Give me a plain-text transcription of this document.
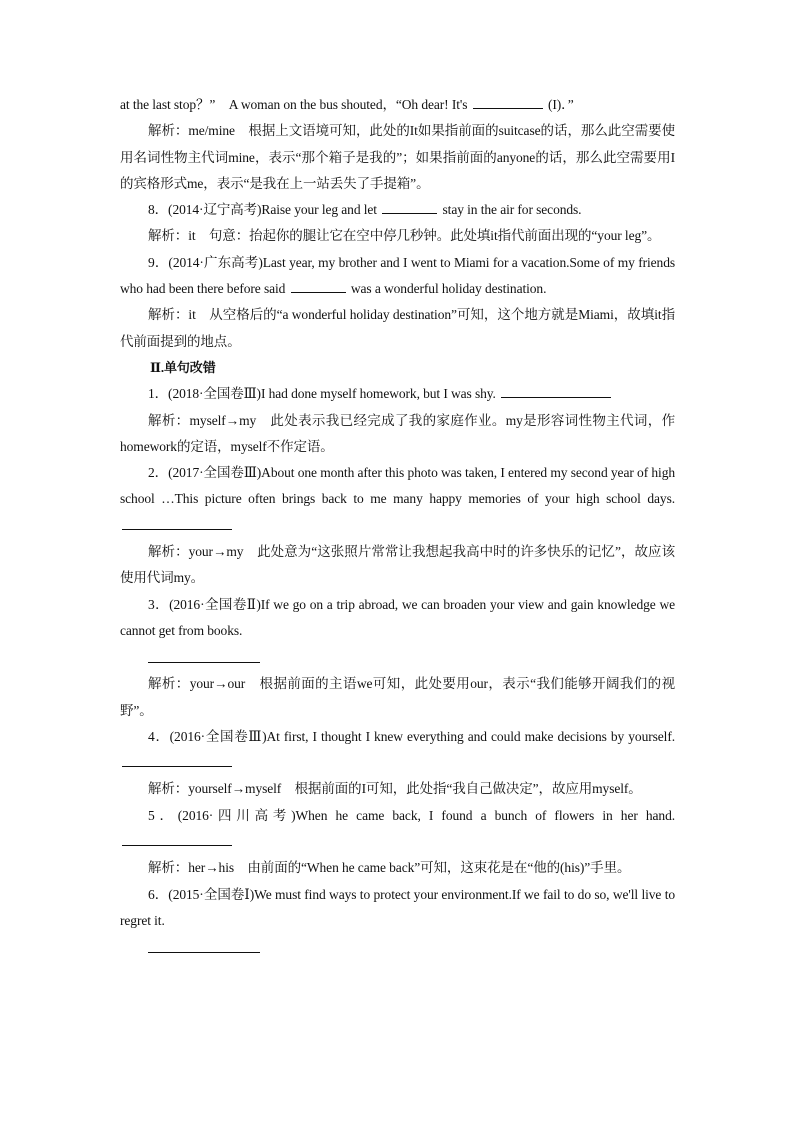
at the last stop？”　A woman on the bus shouted，“Oh dear! It's	(I)．”

解析：me/mine　根据上文语境可知，此处的It如果指前面的suitcase的话，那么此空需要使用名词性物主代词mine，表示“那个箱子是我的”；如果指前面的anyone的话，那么此空需要用I的宾格形式me，表示“是我在上一站丢失了手提箱”。

8．(2014·辽宁高考)Raise your leg and let	stay in the air for seconds.

解析：it　句意：抬起你的腿让它在空中停几秒钟。此处填it指代前面出现的“your leg”。

9．(2014·广东高考)Last year, my brother and I went to Miami for a vacation.Some of my friends who had been there before said	was a wonderful holiday destination.

解析：it　从空格后的“a wonderful holiday destination”可知，这个地方就是Miami，故填it指代前面提到的地点。

Ⅱ.单句改错

1．(2018·全国卷Ⅲ)I had done myself homework, but I was shy.

解析：myself→my　此处表示我已经完成了我的家庭作业。my是形容词性物主代词，作homework的定语，myself不作定语。

2．(2017·全国卷Ⅲ)About one month after this photo was taken, I entered my second year of high school …This picture often brings back to me many happy memories of your high school days.

解析：your→my　此处意为“这张照片常常让我想起我高中时的许多快乐的记忆”，故应该使用代词my。

3．(2016·全国卷Ⅱ)If we go on a trip abroad, we can broaden your view and gain knowledge we cannot get from books.

解析：your→our　根据前面的主语we可知，此处要用our，表示“我们能够开阔我们的视野”。

4．(2016·全国卷Ⅲ)At first, I thought I knew everything and could make decisions by yourself.

解析：yourself→myself　根据前面的I可知，此处指“我自己做决定”，故应用myself。

5．(2016·四川高考)When he came back, I found a bunch of flowers in her hand.

解析：her→his　由前面的“When he came back”可知，这束花是在“他的(his)”手里。

6．(2015·全国卷Ⅰ)We must find ways to protect your environment.If we fail to do so, we'll live to regret it.
